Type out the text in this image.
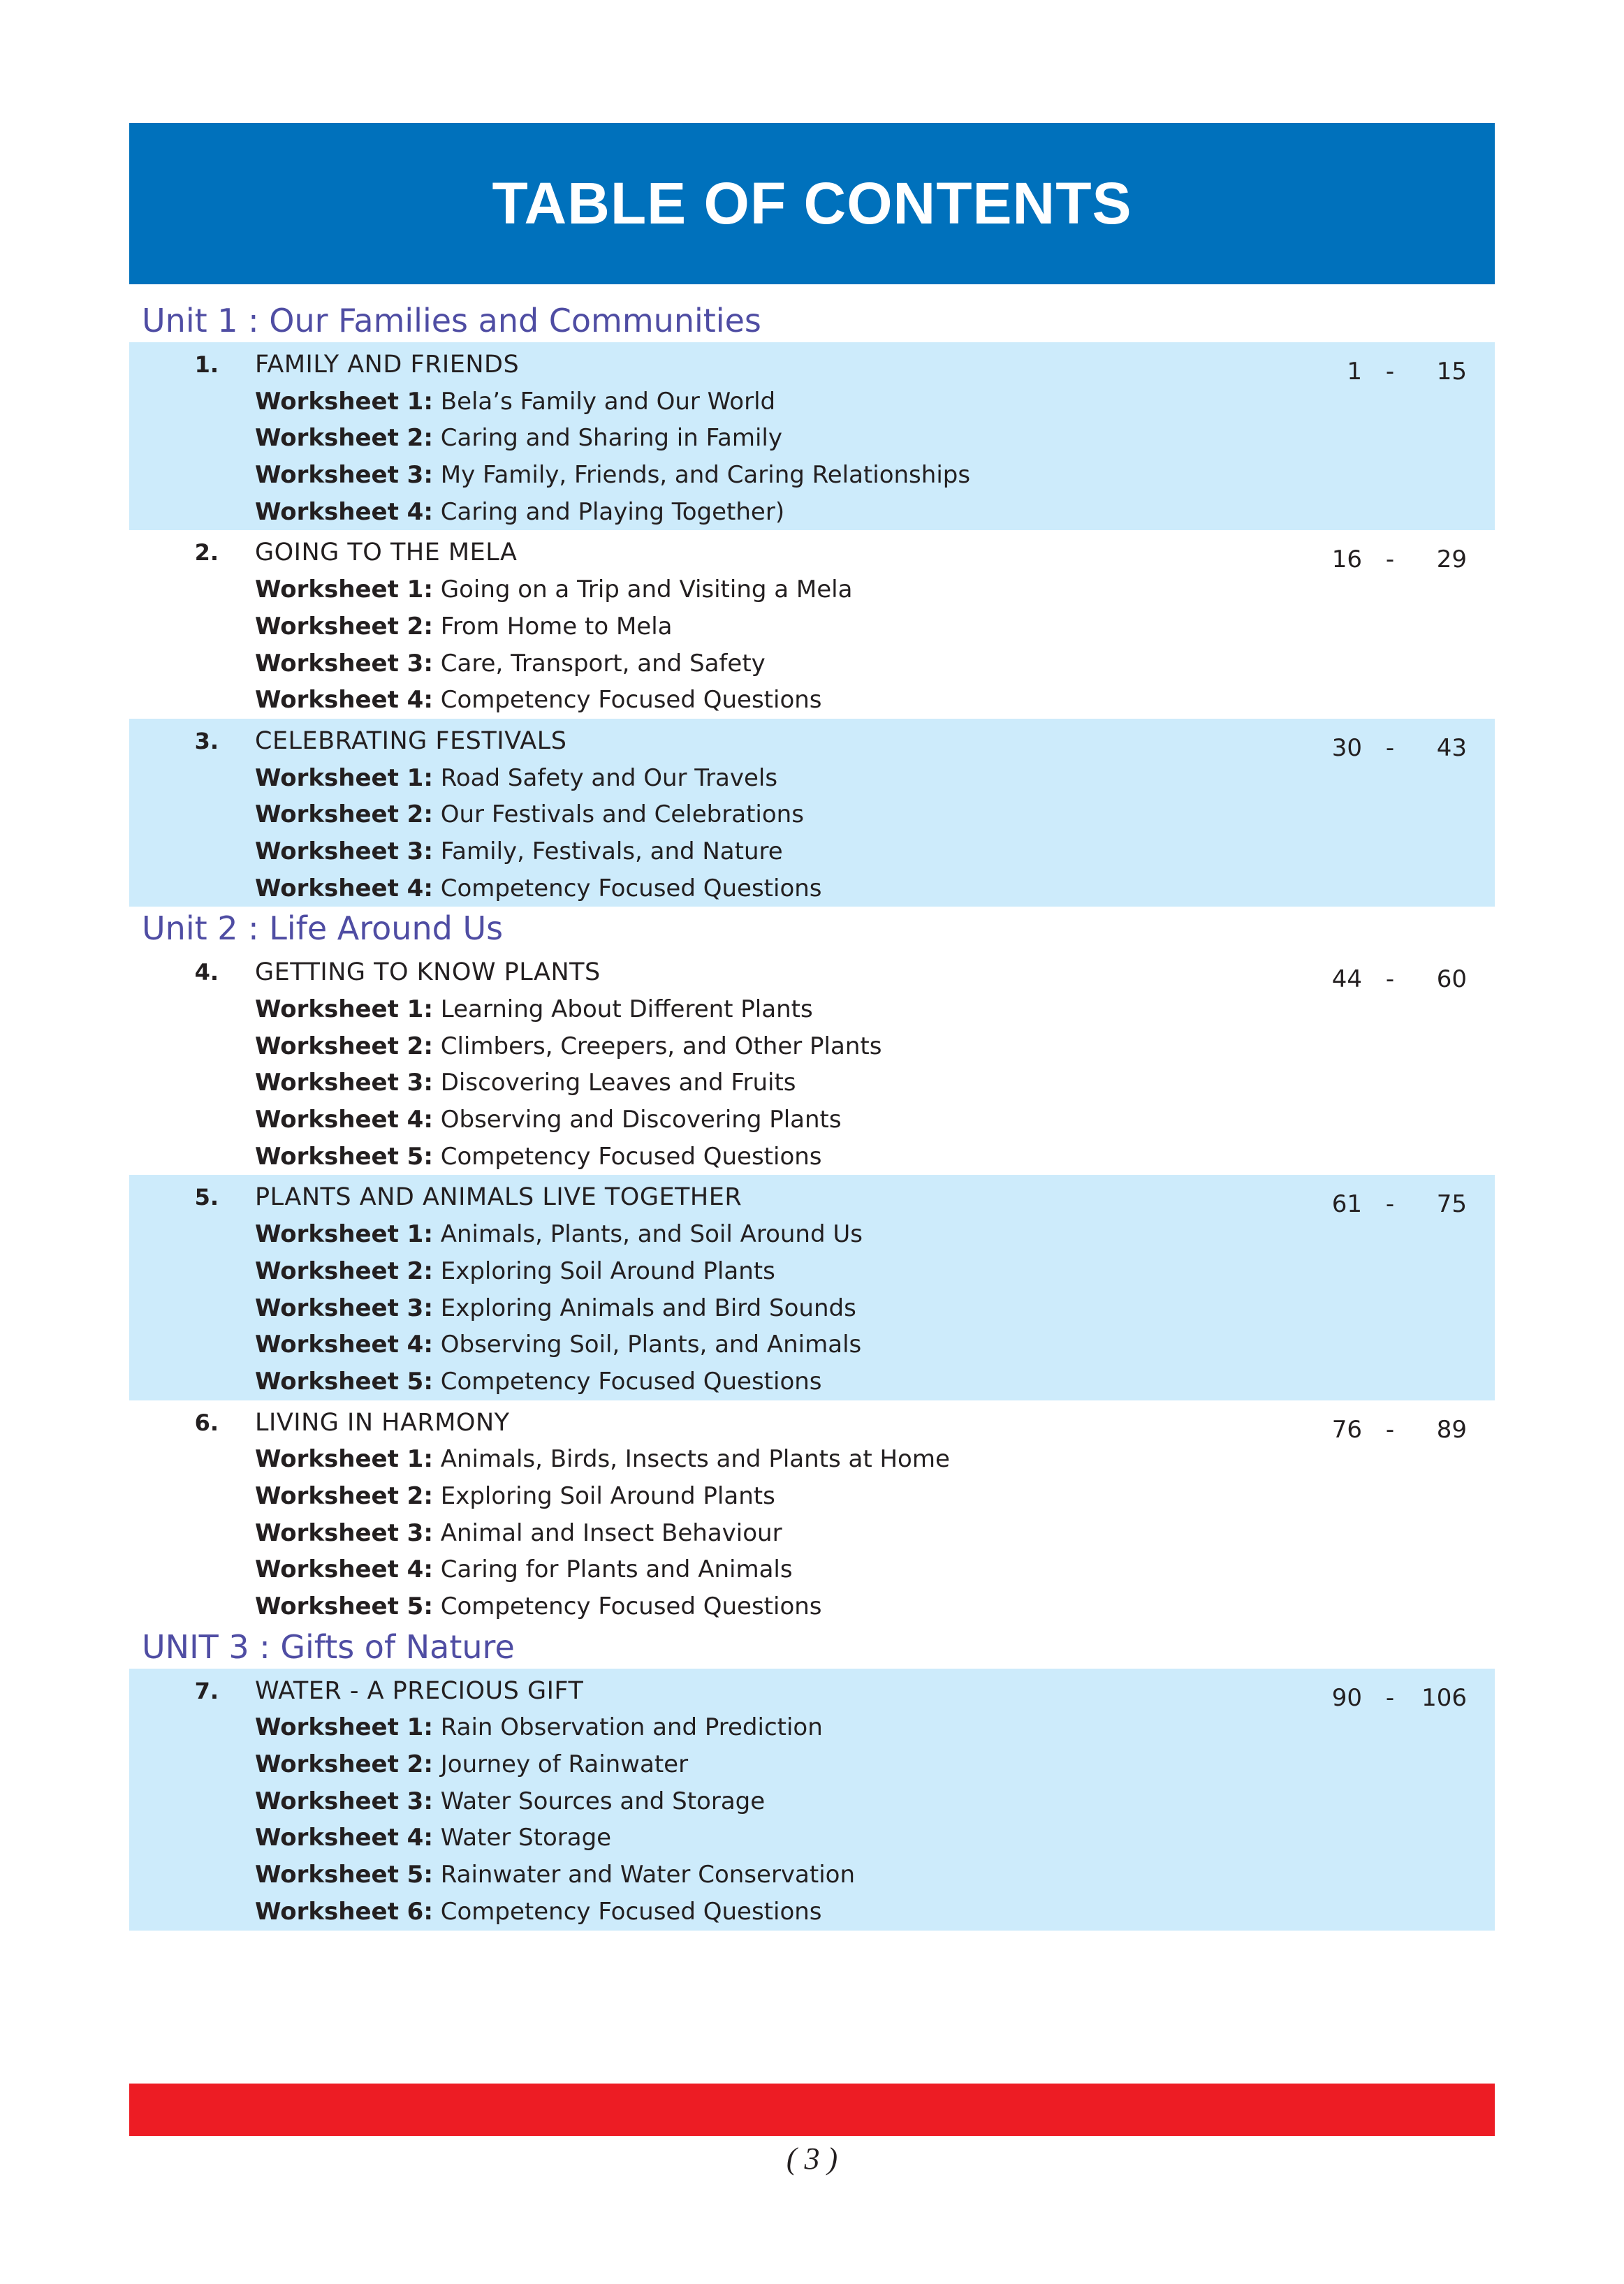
TABLE OF CONTENTS
Unit 1 : Our Families and Communities
1.	FAMILY AND FRIENDS	1 -	15
Worksheet 1: Bela’s Family and Our World
Worksheet 2: Caring and Sharing in Family
Worksheet 3: My Family, Friends, and Caring Relationships
Worksheet 4: Caring and Playing Together)
2.	GOING TO THE MELA	16 -	29
Worksheet 1: Going on a Trip and Visiting a Mela
Worksheet 2: From Home to Mela
Worksheet 3: Care, Transport, and Safety
Worksheet 4: Competency Focused Questions
3.	CELEBRATING FESTIVALS	30 -	43
Worksheet 1: Road Safety and Our Travels
Worksheet 2: Our Festivals and Celebrations
Worksheet 3: Family, Festivals, and Nature
Worksheet 4: Competency Focused Questions
Unit 2 : Life Around Us
4.	GETTING TO KNOW PLANTS	44 -	60
Worksheet 1: Learning About Different Plants
Worksheet 2: Climbers, Creepers, and Other Plants
Worksheet 3: Discovering Leaves and Fruits
Worksheet 4: Observing and Discovering Plants
Worksheet 5: Competency Focused Questions
5.	PLANTS AND ANIMALS LIVE TOGETHER	61 -	75
Worksheet 1: Animals, Plants, and Soil Around Us
Worksheet 2: Exploring Soil Around Plants
Worksheet 3: Exploring Animals and Bird Sounds
Worksheet 4: Observing Soil, Plants, and Animals
Worksheet 5: Competency Focused Questions
6.	LIVING IN HARMONY	76 -	89
Worksheet 1: Animals, Birds, Insects and Plants at Home
Worksheet 2: Exploring Soil Around Plants
Worksheet 3: Animal and Insect Behaviour
Worksheet 4: Caring for Plants and Animals
Worksheet 5: Competency Focused Questions
UNIT 3 : Gifts of Nature
7.	WATER - A PRECIOUS GIFT	90 -	106
Worksheet 1: Rain Observation and Prediction
Worksheet 2: Journey of Rainwater
Worksheet 3: Water Sources and Storage
Worksheet 4: Water Storage
Worksheet 5: Rainwater and Water Conservation
Worksheet 6: Competency Focused Questions
( 3 )
